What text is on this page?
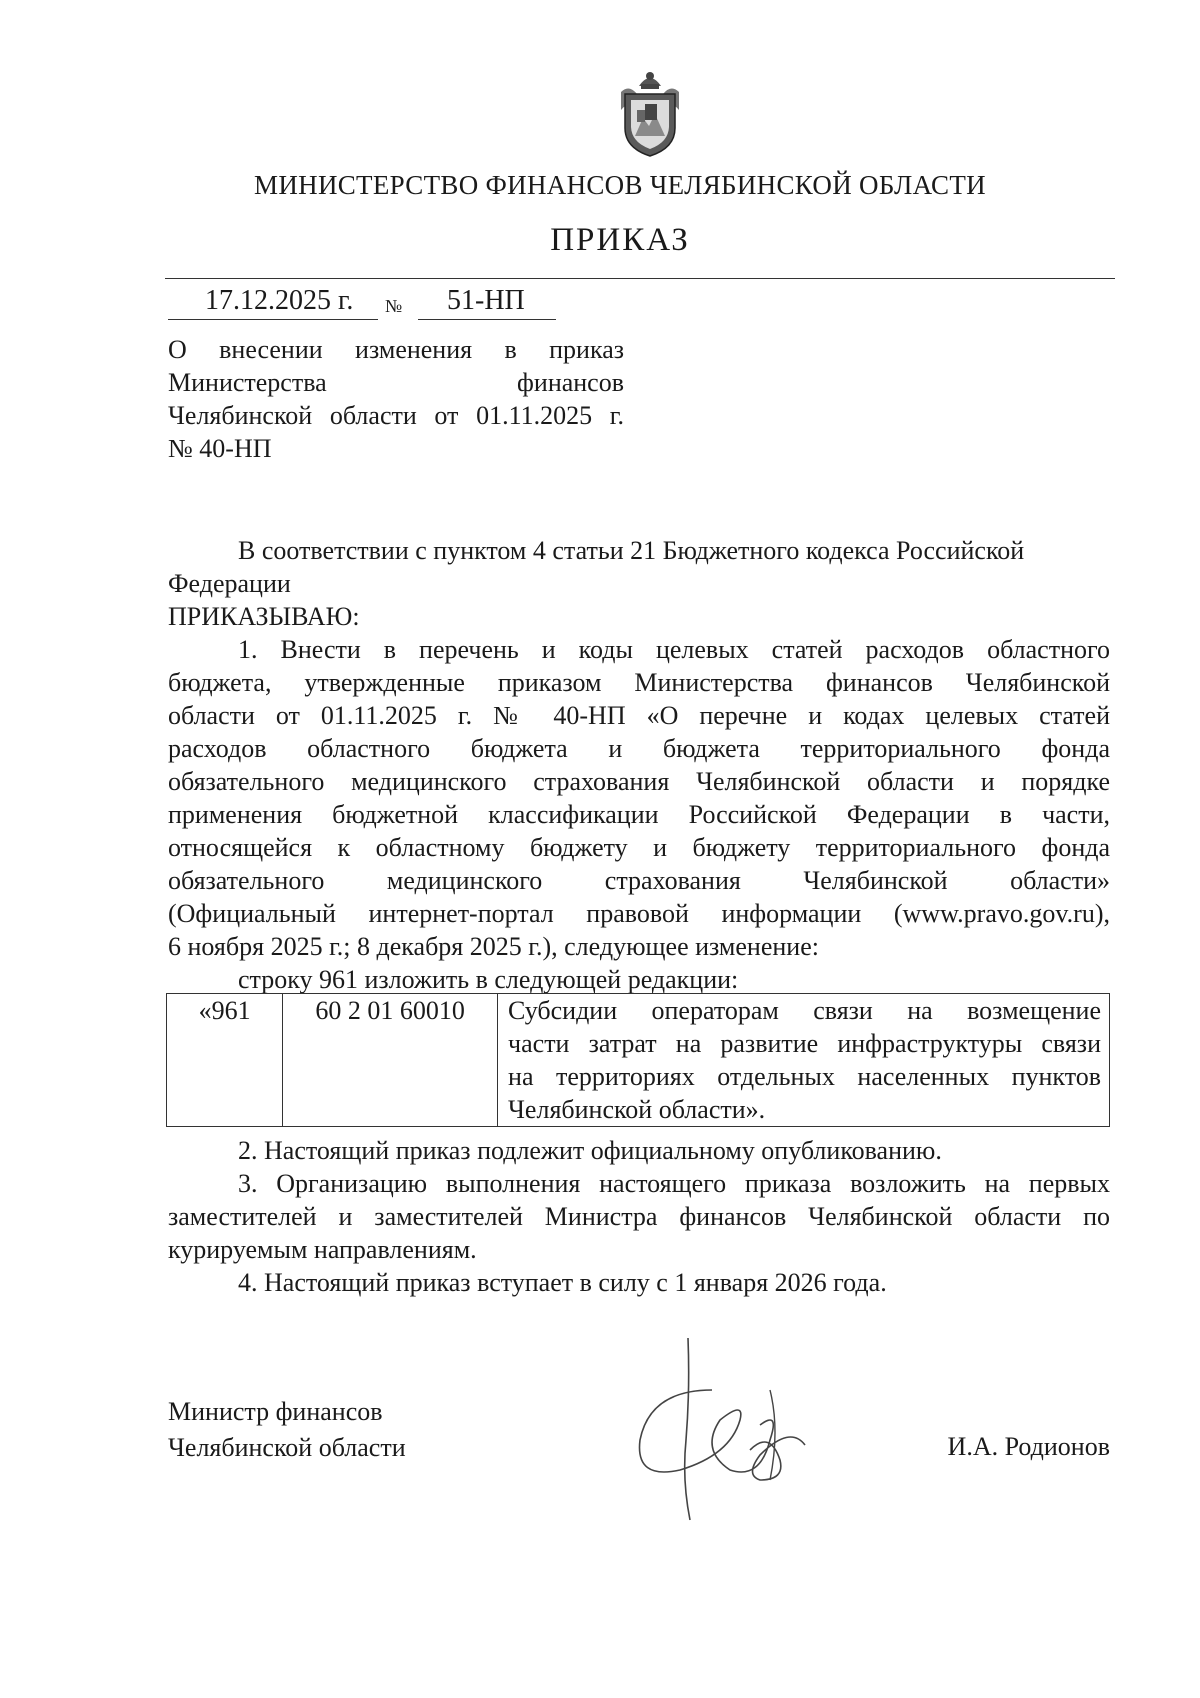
МИНИСТЕРСТВО ФИНАНСОВ ЧЕЛЯБИНСКОЙ ОБЛАСТИ
ПРИКАЗ
17.12.2025 г. № 51-НП
О внесении изменения в приказ
Министерства финансов
Челябинской области от 01.11.2025 г.
№ 40-НП
В соответствии с пунктом 4 статьи 21 Бюджетного кодекса Российской
Федерации
ПРИКАЗЫВАЮ:
1. Внести в перечень и коды целевых статей расходов областного
бюджета, утвержденные приказом Министерства финансов Челябинской
области от 01.11.2025 г. № 40-НП «О перечне и кодах целевых статей
расходов областного бюджета и бюджета территориального фонда
обязательного медицинского страхования Челябинской области и порядке
применения бюджетной классификации Российской Федерации в части,
относящейся к областному бюджету и бюджету территориального фонда
обязательного медицинского страхования Челябинской области»
(Официальный интернет-портал правовой информации (www.pravo.gov.ru),
6 ноября 2025 г.; 8 декабря 2025 г.), следующее изменение:
строку 961 изложить в следующей редакции:
«961	60 2 01 60010	Субсидии операторам связи на возмещение
части затрат на развитие инфраструктуры связи
на территориях отдельных населенных пунктов
Челябинской области».
2. Настоящий приказ подлежит официальному опубликованию.
3. Организацию выполнения настоящего приказа возложить на первых
заместителей и заместителей Министра финансов Челябинской области по
курируемым направлениям.
4. Настоящий приказ вступает в силу с 1 января 2026 года.
Министр финансов
Челябинской области	И.А. Родионов
